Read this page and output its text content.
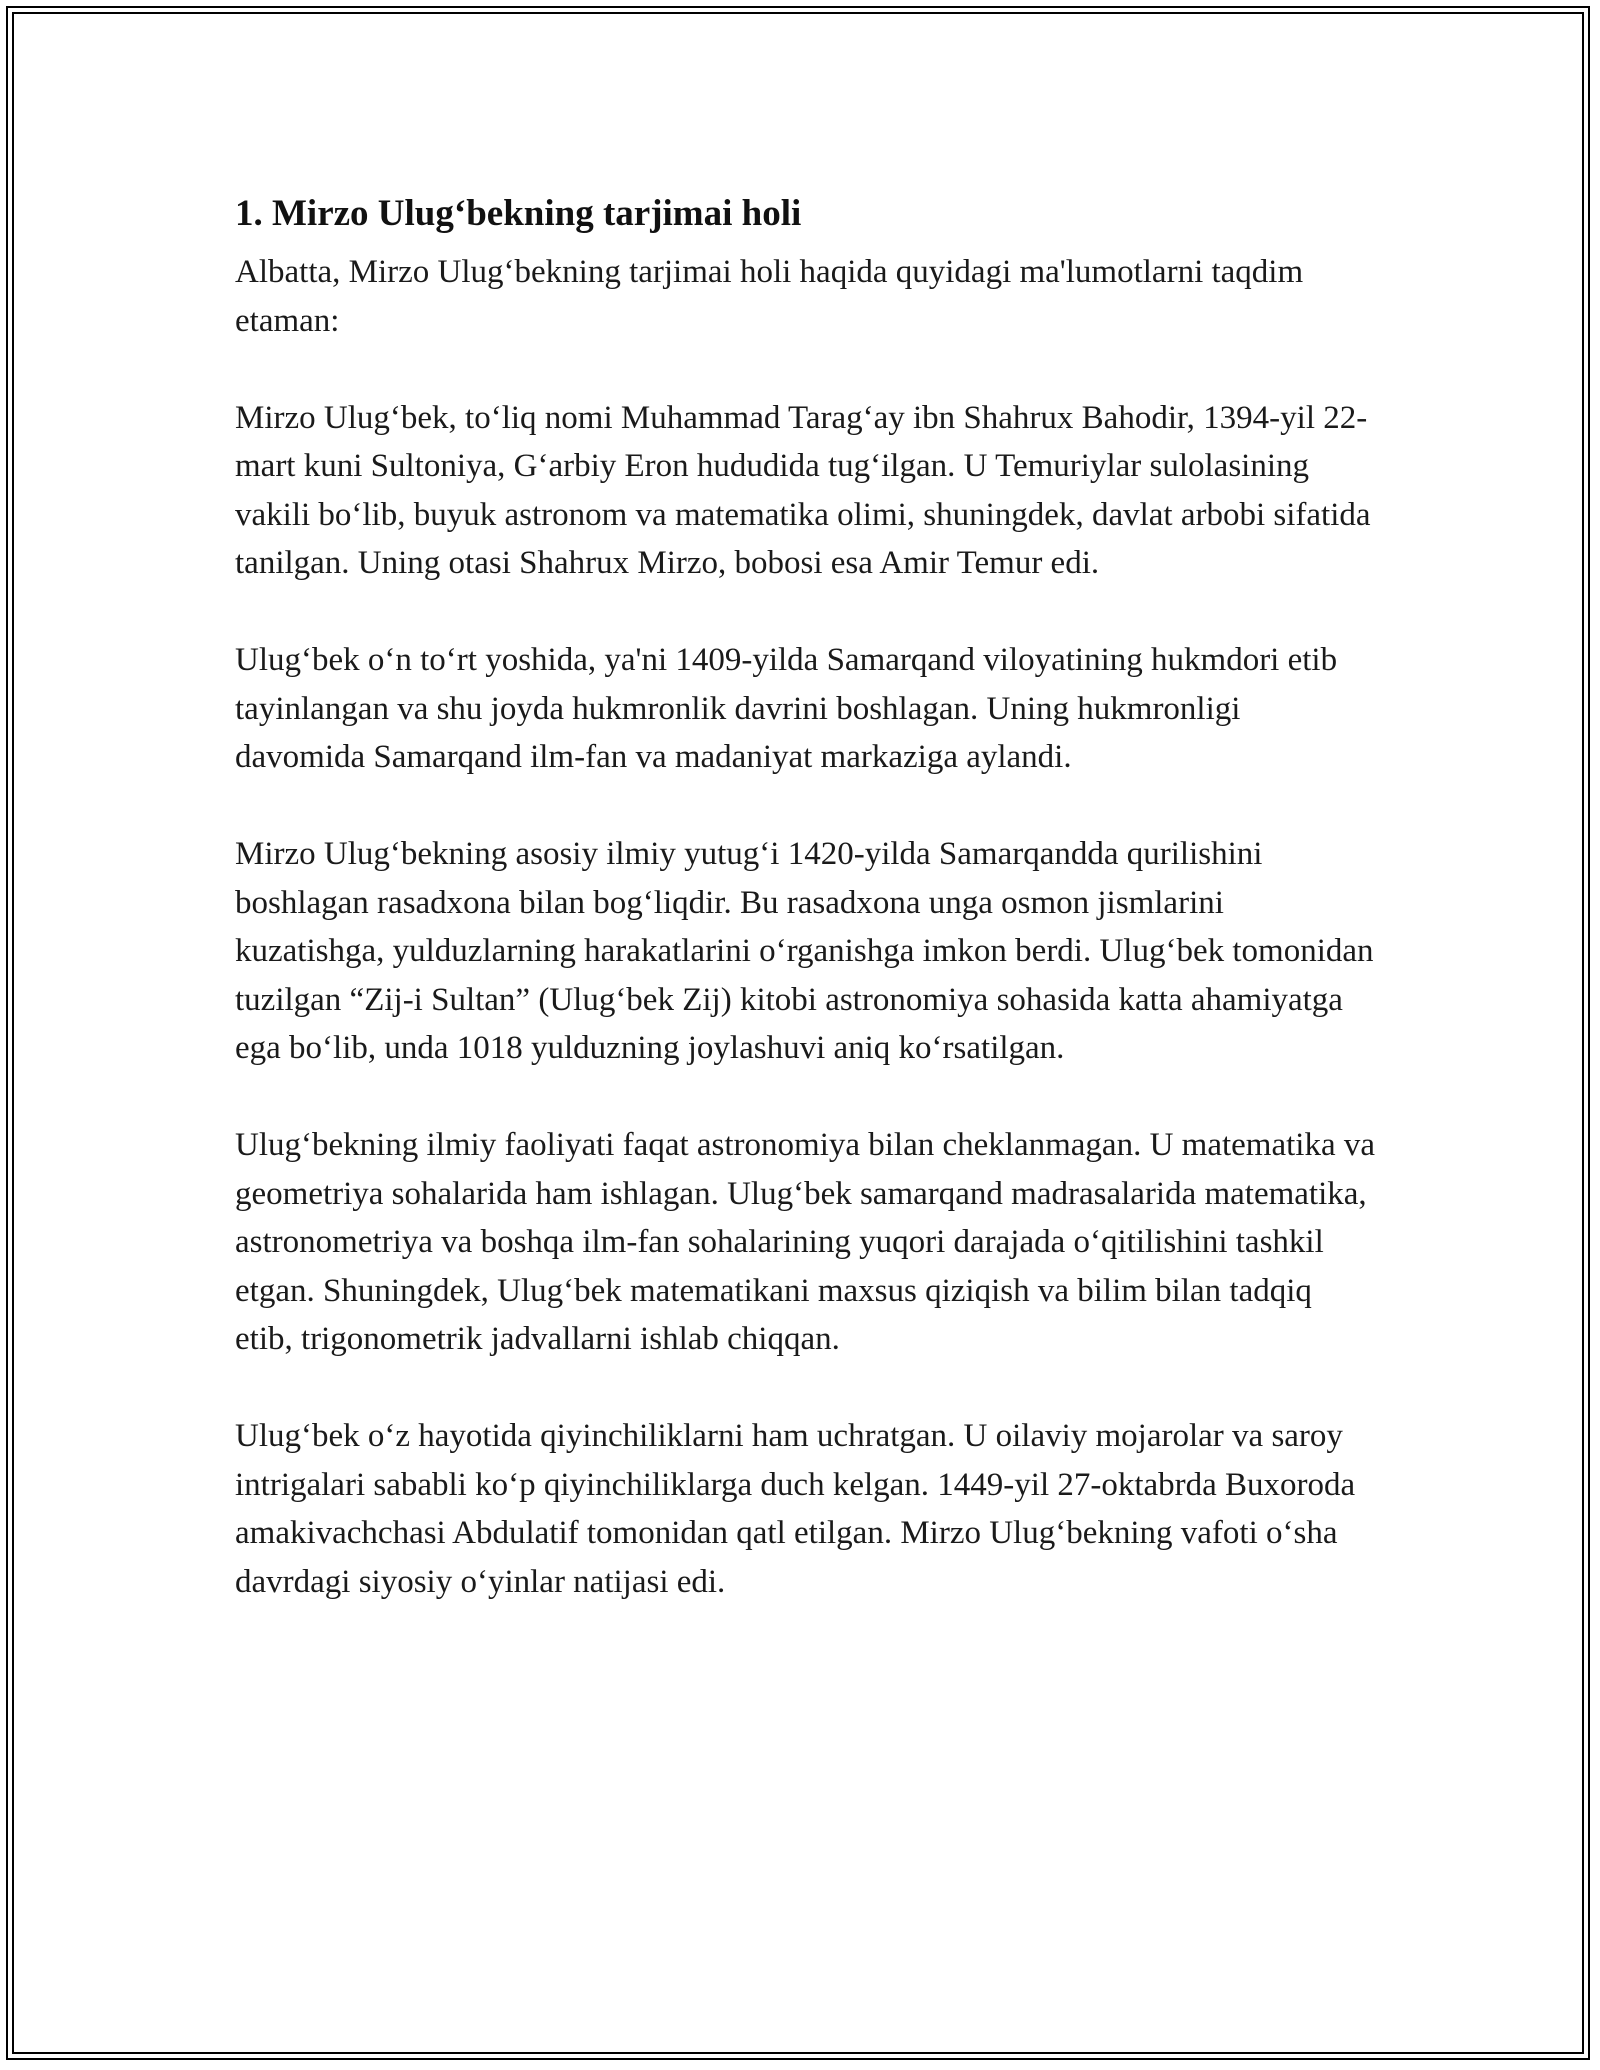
1. Mirzo Ulug‘bekning tarjimai holi

Albatta, Mirzo Ulug‘bekning tarjimai holi haqida quyidagi ma'lumotlarni taqdim etaman:

Mirzo Ulug‘bek, to‘liq nomi Muhammad Tarag‘ay ibn Shahrux Bahodir, 1394-yil 22-mart kuni Sultoniya, G‘arbiy Eron hududida tug‘ilgan. U Temuriylar sulolasining vakili bo‘lib, buyuk astronom va matematika olimi, shuningdek, davlat arbobi sifatida tanilgan. Uning otasi Shahrux Mirzo, bobosi esa Amir Temur edi.

Ulug‘bek o‘n to‘rt yoshida, ya'ni 1409-yilda Samarqand viloyatining hukmdori etib tayinlangan va shu joyda hukmronlik davrini boshlagan. Uning hukmronligi davomida Samarqand ilm-fan va madaniyat markaziga aylandi.

Mirzo Ulug‘bekning asosiy ilmiy yutug‘i 1420-yilda Samarqandda qurilishini boshlagan rasadxona bilan bog‘liqdir. Bu rasadxona unga osmon jismlarini kuzatishga, yulduzlarning harakatlarini o‘rganishga imkon berdi. Ulug‘bek tomonidan tuzilgan “Zij-i Sultan” (Ulug‘bek Zij) kitobi astronomiya sohasida katta ahamiyatga ega bo‘lib, unda 1018 yulduzning joylashuvi aniq ko‘rsatilgan.

Ulug‘bekning ilmiy faoliyati faqat astronomiya bilan cheklanmagan. U matematika va geometriya sohalarida ham ishlagan. Ulug‘bek samarqand madrasalarida matematika, astronometriya va boshqa ilm-fan sohalarining yuqori darajada o‘qitilishini tashkil etgan. Shuningdek, Ulug‘bek matematikani maxsus qiziqish va bilim bilan tadqiq etib, trigonometrik jadvallarni ishlab chiqqan.

Ulug‘bek o‘z hayotida qiyinchiliklarni ham uchratgan. U oilaviy mojarolar va saroy intrigalari sababli ko‘p qiyinchiliklarga duch kelgan. 1449-yil 27-oktabrda Buxoroda amakivachchasi Abdulatif tomonidan qatl etilgan. Mirzo Ulug‘bekning vafoti o‘sha davrdagi siyosiy o‘yinlar natijasi edi.
